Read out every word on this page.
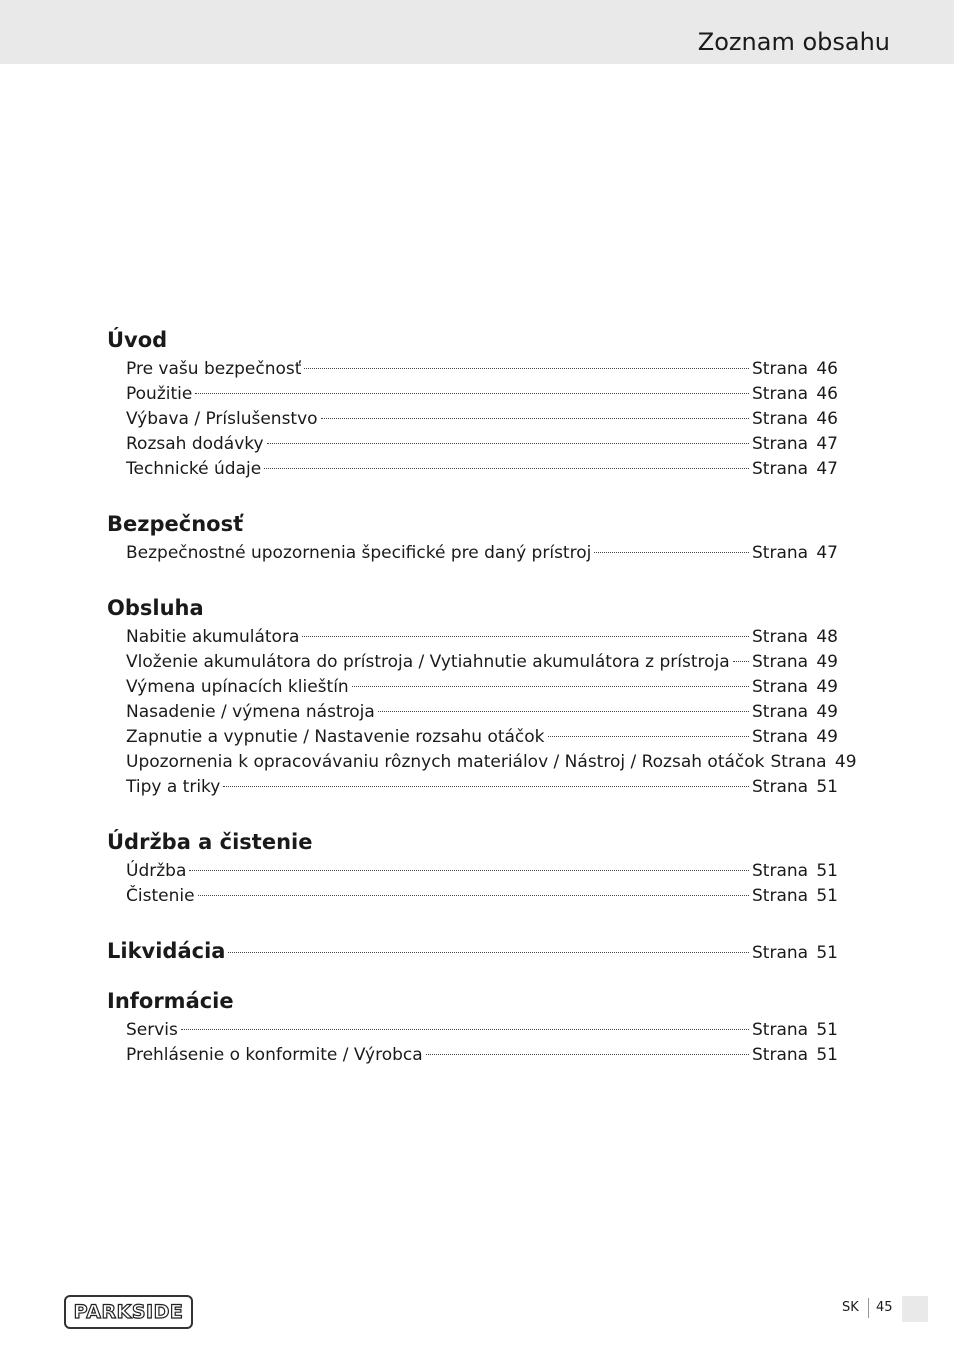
Zoznam obsahu
Úvod
Pre vašu bezpečnosť	Strana 46
Použitie	Strana 46
Výbava / Príslušenstvo	Strana 46
Rozsah dodávky	Strana 47
Technické údaje	Strana 47
Bezpečnosť
Bezpečnostné upozornenia špecifické pre daný prístroj	Strana 47
Obsluha
Nabitie akumulátora	Strana 48
Vloženie akumulátora do prístroja / Vytiahnutie akumulátora z prístroja Strana 49
Výmena upínacích klieštín	Strana 49
Nasadenie / výmena nástroja	Strana 49
Zapnutie a vypnutie / Nastavenie rozsahu otáčok	Strana 49
Upozornenia k opracovávaniu rôznych materiálov / Nástroj / Rozsah otáčok Strana 49
Tipy a triky	Strana 51
Údržba a čistenie
Údržba	Strana 51
Čistenie	Strana 51
Likvidácia	Strana 51
Informácie
Servis	Strana 51
Prehlásenie o konformite / Výrobca	Strana 51
PARKSIDE	SK 45
